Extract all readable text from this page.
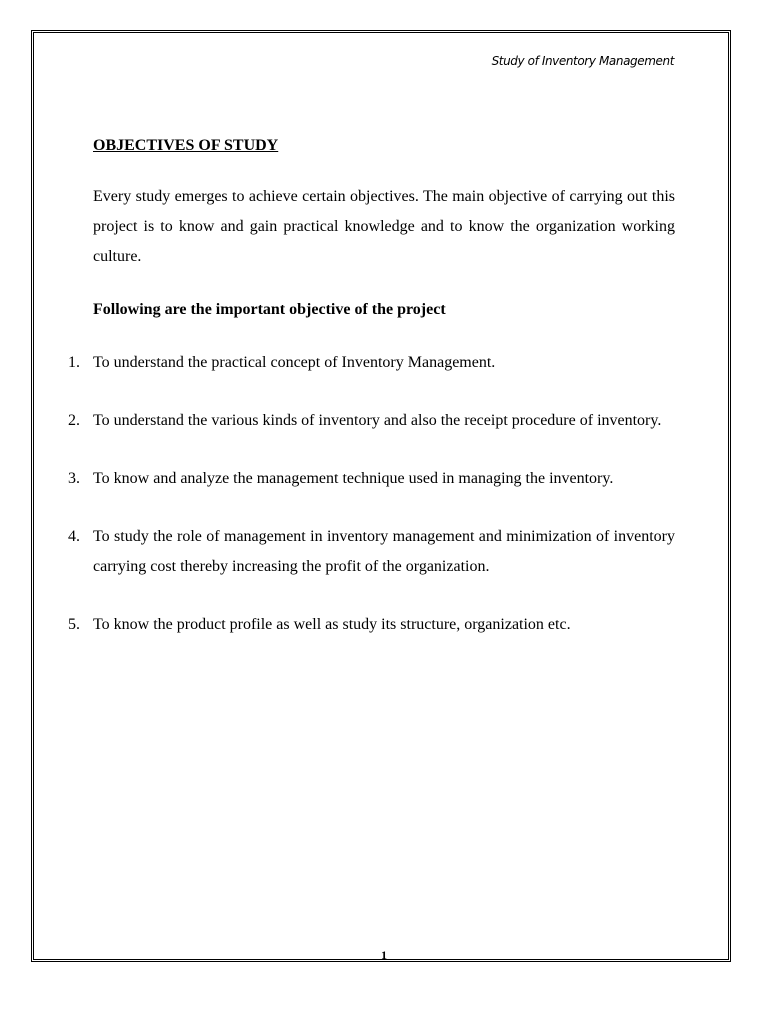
Study of Inventory Management
OBJECTIVES OF STUDY

Every study emerges to achieve certain objectives. The main objective of carrying out this project is to know and gain practical knowledge and to know the organization working culture.

Following are the important objective of the project

1. To understand the practical concept of Inventory Management.
2. To understand the various kinds of inventory and also the receipt procedure of inventory.
3. To know and analyze the management technique used in managing the inventory.
4. To study the role of management in inventory management and minimization of inventory carrying cost thereby increasing the profit of the organization.
5. To know the product profile as well as study its structure, organization etc.
1
